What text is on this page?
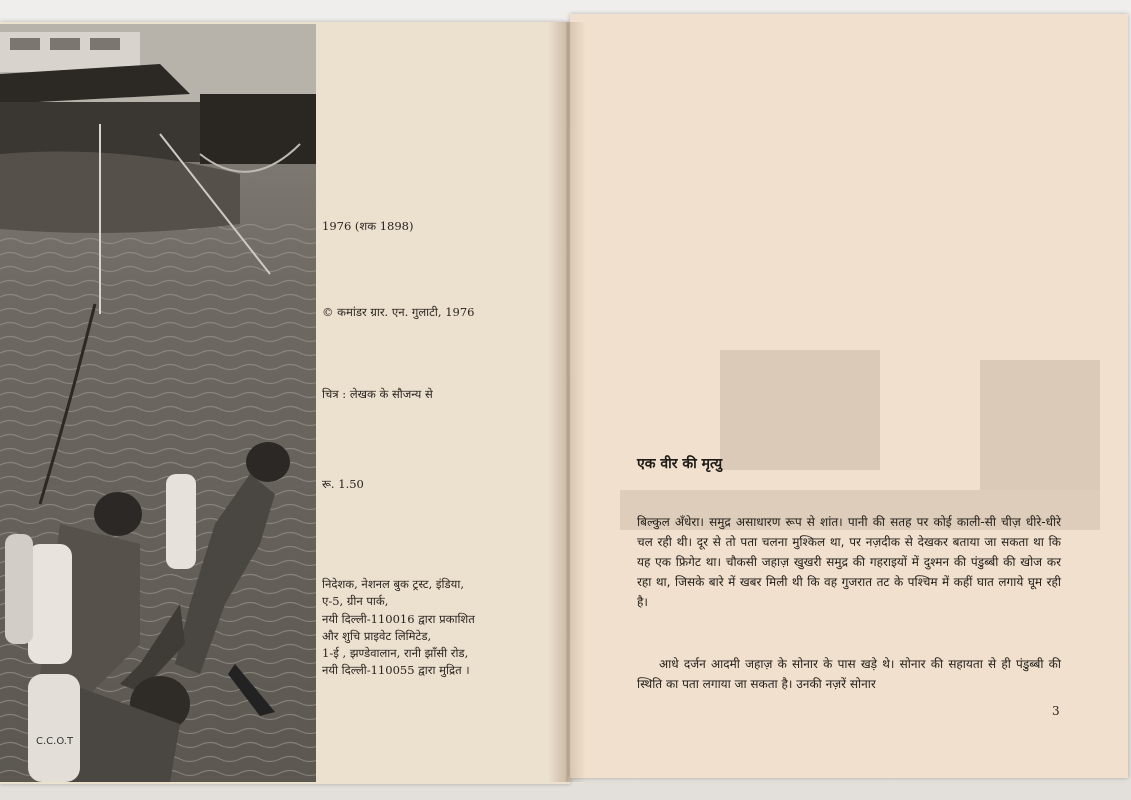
C.C.O.T
1976 (शक 1898)
© कमांडर ग्रार. एन. गुलाटी, 1976
चित्र : लेखक के सौजन्य से
रू. 1.50
निदेशक, नेशनल बुक ट्रस्ट, इंडिया,
ए-5, ग्रीन पार्क,
नयी दिल्ली-110016 द्वारा प्रकाशित
और शुचि प्राइवेट लिमिटेड,
1-ई , झण्डेवालान, रानी झाँसी रोड,
नयी दिल्ली-110055 द्वारा मुद्रित ।
एक वीर की मृत्यु
बिल्कुल अँधेरा। समुद्र असाधारण रूप से शांत। पानी की सतह पर कोई काली-सी चीज़ धीरे-धीरे चल रही थी। दूर से तो पता चलना मुश्किल था, पर नज़दीक से देखकर बताया जा सकता था कि यह एक फ्रिगेट था। चौकसी जहाज़ खुखरी समुद्र की गहराइयों में दुश्मन की पंडुब्बी की खोज कर रहा था, जिसके बारे में खबर मिली थी कि वह गुजरात तट के पश्चिम में कहीं घात लगाये घूम रही है।
आधे दर्जन आदमी जहाज़ के सोनार के पास खड़े थे। सोनार की सहायता से ही पंडुब्बी की स्थिति का पता लगाया जा सकता है। उनकी नज़रें सोनार
3
